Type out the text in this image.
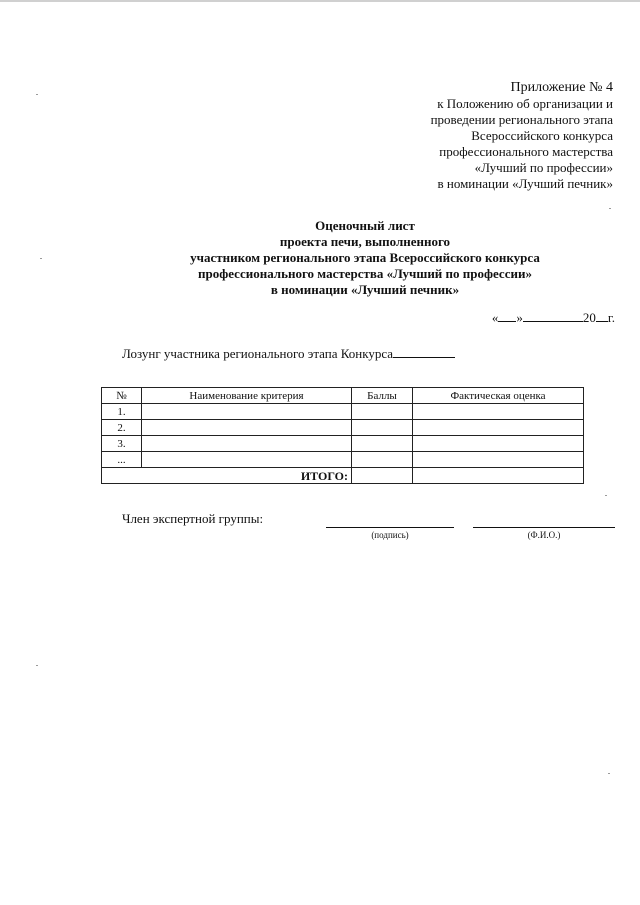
Приложение № 4
к Положению об организации и
проведении регионального этапа
Всероссийского конкурса
профессионального мастерства
«Лучший по профессии»
в номинации «Лучший печник»
Оценочный лист
проекта печи, выполненного
участником регионального этапа Всероссийского конкурса
профессионального мастерства «Лучший по профессии»
в номинации «Лучший печник»
« »	20 г.
Лозунг участника регионального этапа Конкурса
№	Наименование критерия	Баллы	Фактическая оценка
1.			
2.			
3.			
...			
	ИТОГО:		
Член экспертной группы:
(подпись)	(Ф.И.О.)
